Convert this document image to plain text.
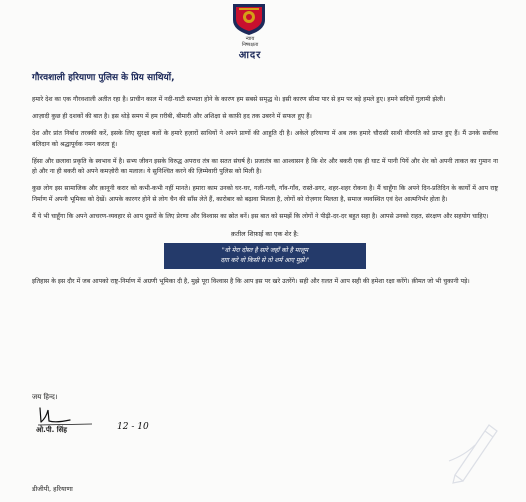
न्याय
निष्पक्षता
आदर
गौरवशाली हरियाणा पुलिस के प्रिय साथियों,

हमारे देश का एक गौरवशाली अतीत रहा है। प्राचीन काल में नदी-घाटी सभ्यता होने के कारण हम सबसे समृद्ध थे। इसी कारण सीमा पार से हम पर बड़े हमले हुए। हमने सदियों गुलामी झेली।

आज़ादी कुछ ही दशकों की बात है। इस थोड़े समय में हम ग़रीबी, बीमारी और अशिक्षा से काफ़ी हद तक उबरने में सफल हुए हैं।

देश और प्रांत निर्बाध तरक्की करें, इसके लिए सुरक्षा बलों के हमारे हज़ारों साथियों ने अपने प्राणों की आहुति दी है। अकेले हरियाणा में अब तक हमारे चौरासी साथी वीरगति को प्राप्त हुए हैं। मैं उनके सर्वोच्च बलिदान को श्रद्धापूर्वक नमन करता हूं।

हिंसा और छलावा प्रकृति के स्वभाव में है। सभ्य जीवन इसके विरुद्ध अपराध तंत्र का सतत संघर्ष है। प्रजातंत्र का आश्वासन है कि शेर और बकरी एक ही घाट में पानी पियें और शेर को अपनी ताकत का गुमान ना हो और ना ही बकरी को अपने कमज़ोरी का मलाल। ये सुनिश्चित करने की ज़िम्मेवारी पुलिस को मिली है।

कुछ लोग इस सामाजिक और क़ानूनी करार को कभी-कभी नहीं मानते। हमारा काम उनको घर-घर, गली-गली, गाँव-गाँव, रास्ते-डगर, शहर-शहर रोकना है। मैं चाहूँगा कि अपने दिन-प्रतिदिन के कार्यों में आप राष्ट्र निर्माण में अपनी भूमिका को देखें। आपके कारगर होने से लोग चैन की साँस लेते हैं, कारोबार को बढ़ावा मिलता है, लोगों को रोज़गार मिलता है, समाज व्यवस्थित एवं देश आत्मनिर्भर होता है।

मैं ये भी चाहूँगा कि अपने आचरण-व्यवहार से आप दूसरों के लिए प्रेरणा और विश्वास का स्रोत बनें। इस बात को समझें कि लोगों ने पीढ़ी-दर-दर बहुत सहा है। आपसे उनको राहत, संरक्षण और सहयोग चाहिए।

क़तील शिफ़ाई का एक शेर है:
"वो मेरा दोस्त है सारे जहाँ को है मालूम
दग़ा करे वो किसी से तो शर्म आए मुझे।"

इतिहास के इस दौर में जब आपको राष्ट्र-निर्माण में अग्रणी भूमिका दी है, मुझे पूरा विश्वास है कि आप इस पर खरे उतरेंगे। सही और ग़लत में आप सही की हमेशा रक्षा करेंगे। क़ीमत जो भी चुकानी पड़े।

जय हिन्द।
ओ.पी. सिंह	12 - 10
डीजीपी, हरियाणा
